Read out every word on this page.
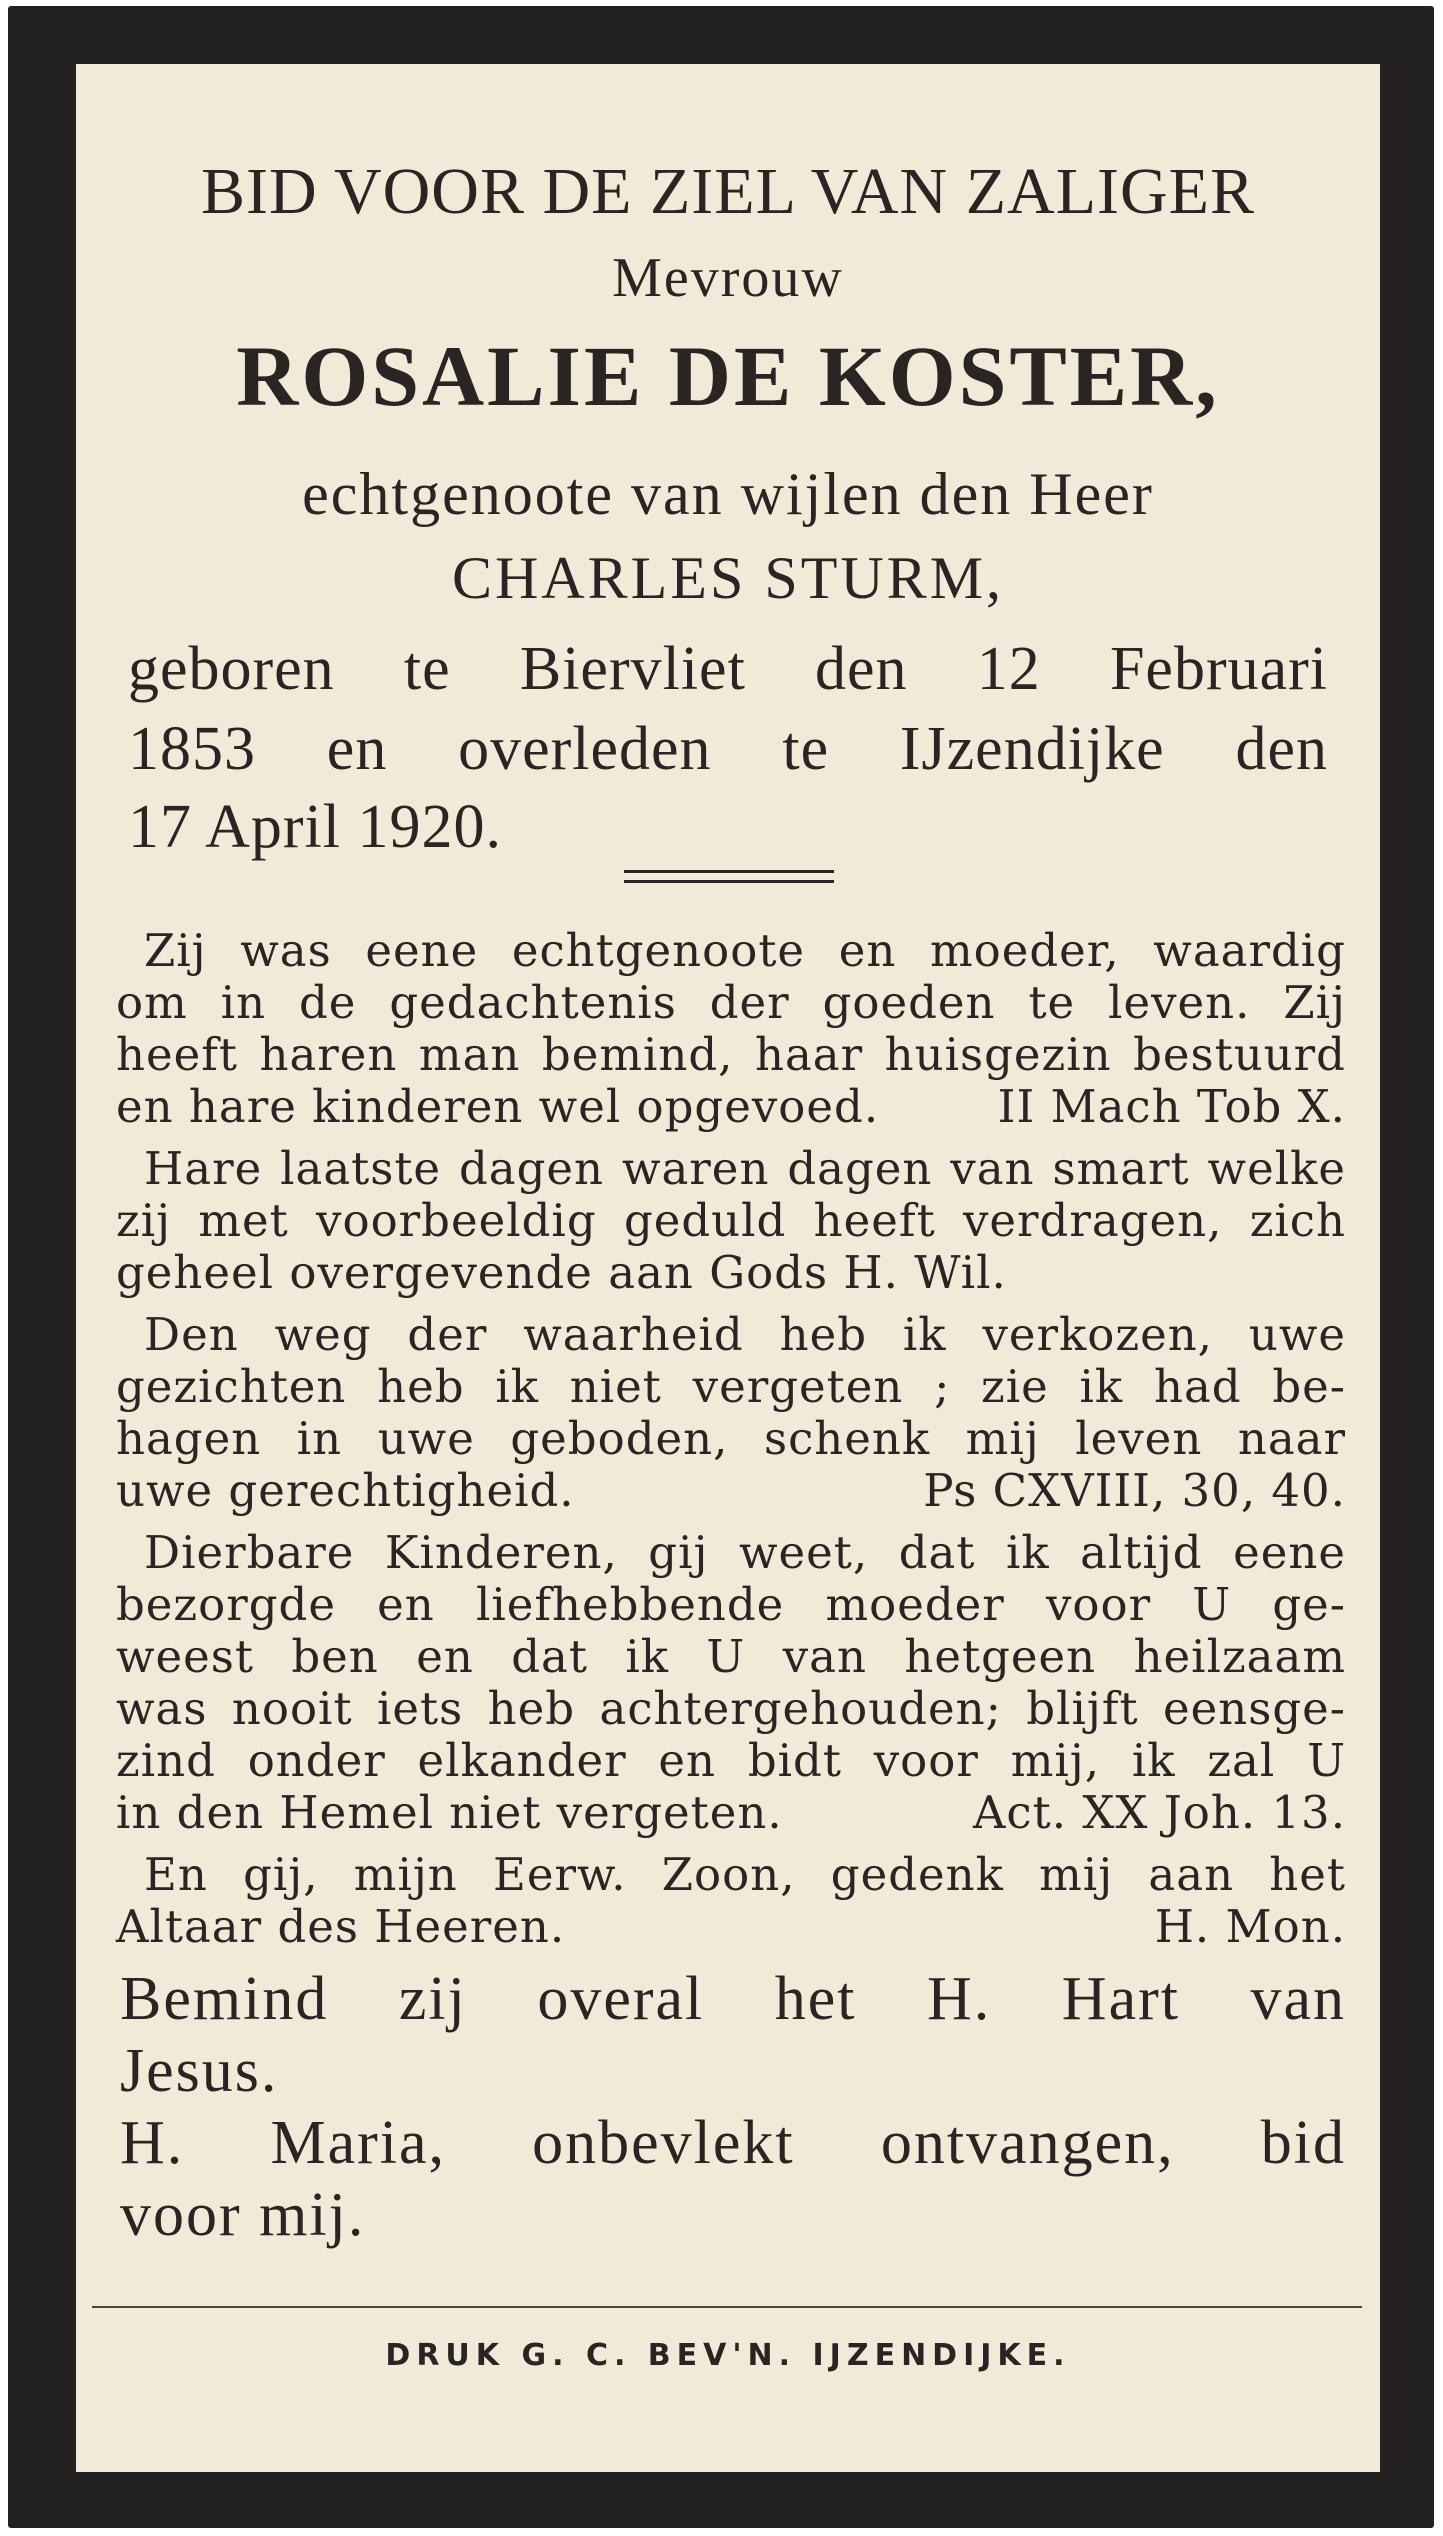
BID VOOR DE ZIEL VAN ZALIGER
Mevrouw
ROSALIE DE KOSTER,
echtgenoote van wijlen den Heer
CHARLES STURM,
geboren te Biervliet den 12 Februari
1853 en overleden te IJzendijke den
17 April 1920.
Zij was eene echtgenoote en moeder, waardig
om in de gedachtenis der goeden te leven. Zij
heeft haren man bemind, haar huisgezin bestuurd
en hare kinderen wel opgevoed.	II Mach Tob X.
Hare laatste dagen waren dagen van smart welke
zij met voorbeeldig geduld heeft verdragen, zich
geheel overgevende aan Gods H. Wil.
Den weg der waarheid heb ik verkozen, uwe
gezichten heb ik niet vergeten ; zie ik had be-
hagen in uwe geboden, schenk mij leven naar
uwe gerechtigheid.	Ps CXVIII, 30, 40.
Dierbare Kinderen, gij weet, dat ik altijd eene
bezorgde en liefhebbende moeder voor U ge-
weest ben en dat ik U van hetgeen heilzaam
was nooit iets heb achtergehouden; blijft eensge-
zind onder elkander en bidt voor mij, ik zal U
in den Hemel niet vergeten.	Act. XX Joh. 13.
En gij, mijn Eerw. Zoon, gedenk mij aan het
Altaar des Heeren.	H. Mon.
Bemind zij overal het H. Hart van
Jesus.
H. Maria, onbevlekt ontvangen, bid
voor mij.
DRUK G. C. BEV'N. IJZENDIJKE.
